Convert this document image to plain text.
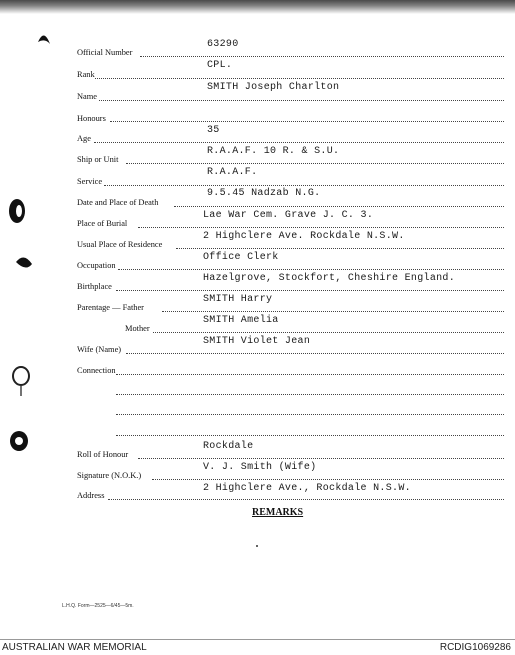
Official Number
63290
Rank
CPL.
Name
SMITH Joseph Charlton
Honours
Age
35
Ship or Unit
R.A.A.F. 10 R. & S.U.
Service
R.A.A.F.
Date and Place of Death
9.5.45 Nadzab N.G.
Place of Burial
Lae War Cem. Grave J. C. 3.
Usual Place of Residence
2 Highclere Ave. Rockdale N.S.W.
Occupation
Office Clerk
Birthplace
Hazelgrove, Stockfort, Cheshire England.
Parentage — Father
SMITH Harry
Mother
SMITH Amelia
Wife (Name)
SMITH Violet Jean
Connection
Roll of Honour
Rockdale
Signature (N.O.K.)
V. J. Smith (Wife)
Address
2 Highclere Ave., Rockdale N.S.W.
REMARKS
L.H.Q. Form—2525—6/45—5m.
AUSTRALIAN WAR MEMORIAL	RCDIG1069286
